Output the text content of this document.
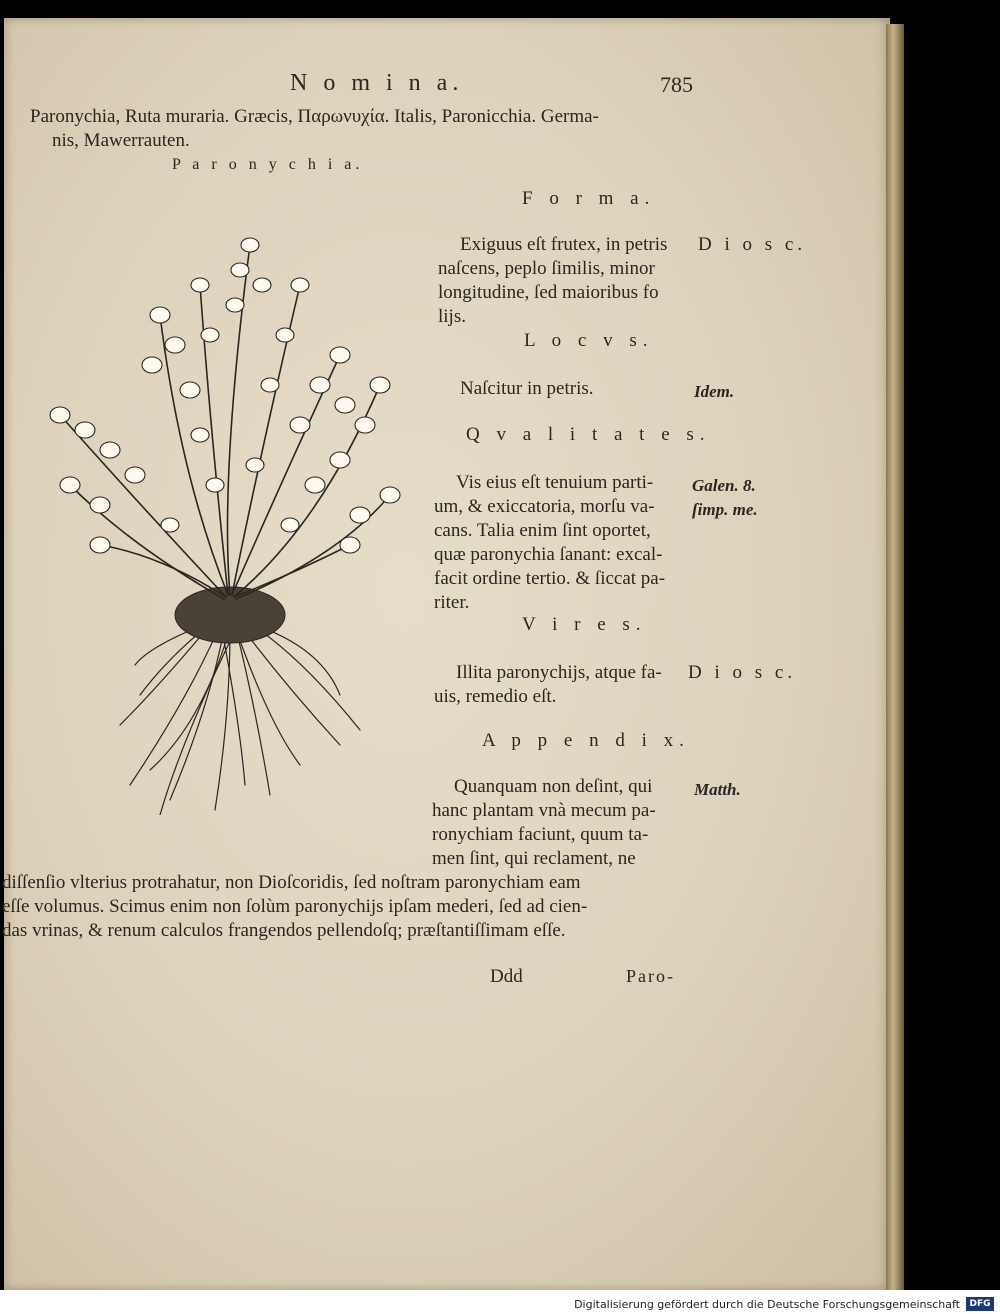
N o m i n a.	785
Paronychia, Ruta muraria. Græcis, Παρωνυχία. Italis, Paronicchia. Germa-
nis, Mawerrauten.
P a r o n y c h i a.
F o r m a.
Exiguus eſt frutex, in petris
naſcens, peplo ſimilis, minor
longitudine, ſed maioribus fo
lijs.
D i o s c.
L o c v s.
Naſcitur in petris.	Idem.
Q v a l i t a t e s.
Vis eius eſt tenuium parti-
um, & exiccatoria, morſu va-
cans. Talia enim ſint oportet,
quæ paronychia ſanant: excal-
facit ordine tertio. & ſiccat pa-
riter.
Galen. 8.
ſimp. me.
V i r e s.
Illita paronychijs, atque fa-
uis, remedio eſt.
D i o s c.
A p p e n d i x.
Quanquam non deſint, qui
hanc plantam vnà mecum pa-
ronychiam faciunt, quum ta-
men ſint, qui reclament, ne
diſſenſio vlterius protrahatur, non Dioſcoridis, ſed noſtram paronychiam eam
eſſe volumus. Scimus enim non ſolùm paronychijs ipſam mederi, ſed ad cien-
das vrinas, & renum calculos frangendos pellendoſq; præſtantiſſimam eſſe.
Matth.
Ddd	Paro-
Digitalisierung gefördert durch die Deutsche Forschungsgemeinschaft	DFG
